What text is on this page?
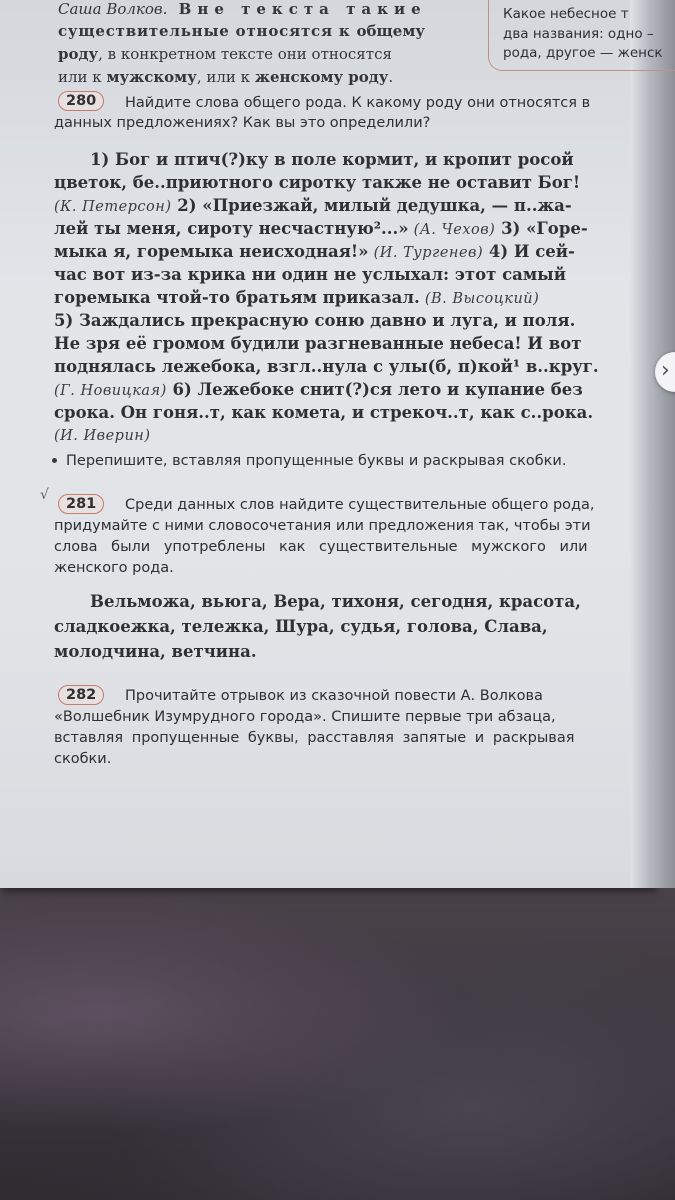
Какое небесное т
два названия: одно –
рода, другое — женск
Саша Волков. Вне текста такие
существительные относятся к общему
роду, в конкретном тексте они относятся
или к мужскому, или к женскому роду.
280	Найдите слова общего рода. К какому роду они относятся в
данных предложениях? Как вы это определили?
1) Бог и птич(?)ку в поле кормит, и кропит росой
цветок, бе..приютного сиротку также не оставит Бог!
(К. Петерсон) 2) «Приезжай, милый дедушка, — п..жа-
лей ты меня, сироту несчастную²...» (А. Чехов) 3) «Горе-
мыка я, горемыка неисходная!» (И. Тургенев) 4) И сей-
час вот из-за крика ни один не услыхал: этот самый
горемыка чтой-то братьям приказал. (В. Высоцкий)
5) Заждались прекрасную соню давно и луга, и поля.
Не зря её громом будили разгневанные небеса! И вот
поднялась лежебока, взгл..нула с улы(б, п)кой¹ в..круг.
(Г. Новицкая) 6) Лежебоке снит(?)ся лето и купание без
срока. Он гоня..т, как комета, и стрекоч..т, как с..рока.
(И. Иверин)
Перепишите, вставляя пропущенные буквы и раскрывая скобки.
√
281	Среди данных слов найдите существительные общего рода,
придумайте с ними словосочетания или предложения так, чтобы эти
слова были употреблены как существительные мужского или
женского рода.
Вельможа, вьюга, Вера, тихоня, сегодня, красота,
сладкоежка, тележка, Шура, судья, голова, Слава,
молодчина, ветчина.
282	Прочитайте отрывок из сказочной повести А. Волкова
«Волшебник Изумрудного города». Спишите первые три абзаца,
вставляя пропущенные буквы, расставляя запятые и раскрывая
скобки.
›
